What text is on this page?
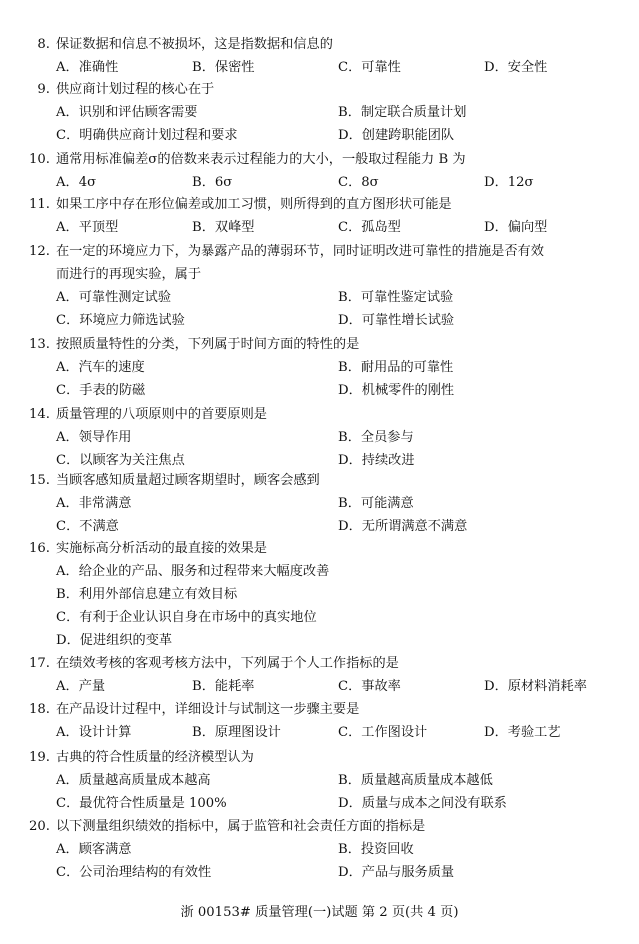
8. 保证数据和信息不被损坏，这是指数据和信息的
A．准确性	B．保密性	C．可靠性	D．安全性
9. 供应商计划过程的核心在于
A．识别和评估顾客需要	B．制定联合质量计划
C．明确供应商计划过程和要求	D．创建跨职能团队
10. 通常用标准偏差σ的倍数来表示过程能力的大小，一般取过程能力 B 为
A．4σ	B．6σ	C．8σ	D．12σ
11. 如果工序中存在形位偏差或加工习惯，则所得到的直方图形状可能是
A．平顶型	B．双峰型	C．孤岛型	D．偏向型
12. 在一定的环境应力下，为暴露产品的薄弱环节，同时证明改进可靠性的措施是否有效
而进行的再现实验，属于
A．可靠性测定试验	B．可靠性鉴定试验
C．环境应力筛选试验	D．可靠性增长试验
13. 按照质量特性的分类，下列属于时间方面的特性的是
A．汽车的速度	B．耐用品的可靠性
C．手表的防磁	D．机械零件的刚性
14. 质量管理的八项原则中的首要原则是
A．领导作用	B．全员参与
C．以顾客为关注焦点	D．持续改进
15. 当顾客感知质量超过顾客期望时，顾客会感到
A．非常满意	B．可能满意
C．不满意	D．无所谓满意不满意
16. 实施标高分析活动的最直接的效果是
A．给企业的产品、服务和过程带来大幅度改善
B．利用外部信息建立有效目标
C．有利于企业认识自身在市场中的真实地位
D．促进组织的变革
17. 在绩效考核的客观考核方法中，下列属于个人工作指标的是
A．产量	B．能耗率	C．事故率	D．原材料消耗率
18. 在产品设计过程中，详细设计与试制这一步骤主要是
A．设计计算	B．原理图设计	C．工作图设计	D．考验工艺
19. 古典的符合性质量的经济模型认为
A．质量越高质量成本越高	B．质量越高质量成本越低
C．最优符合性质量是 100%	D．质量与成本之间没有联系
20. 以下测量组织绩效的指标中，属于监管和社会责任方面的指标是
A．顾客满意	B．投资回收
C．公司治理结构的有效性	D．产品与服务质量
浙 00153# 质量管理(一)试题 第 2 页(共 4 页)
